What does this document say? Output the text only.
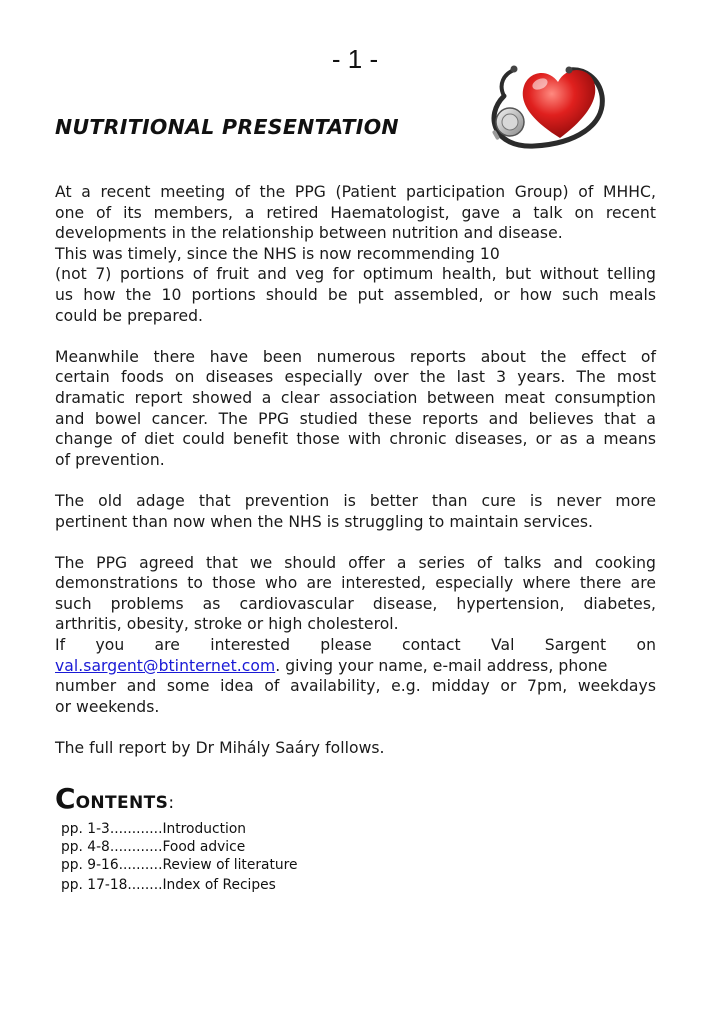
- 1 -
NUTRITIONAL PRESENTATION

At a recent meeting of the PPG (Patient participation Group) of MHHC,
one of its members, a retired Haematologist, gave a talk on recent
developments in the relationship between nutrition and disease.
This was timely, since the NHS is now recommending 10
(not 7) portions of fruit and veg for optimum health, but without telling
us how the 10 portions should be put assembled, or how such meals
could be prepared.

Meanwhile there have been numerous reports about the effect of
certain foods on diseases especially over the last 3 years. The most
dramatic report showed a clear association between meat consumption
and bowel cancer. The PPG studied these reports and believes that a
change of diet could benefit those with chronic diseases, or as a means
of prevention.

The old adage that prevention is better than cure is never more
pertinent than now when the NHS is struggling to maintain services.

The PPG agreed that we should offer a series of talks and cooking
demonstrations to those who are interested, especially where there are
such problems as cardiovascular disease, hypertension, diabetes,
arthritis, obesity, stroke or high cholesterol.
If you are interested please contact Val Sargent on
val.sargent@btinternet.com. giving your name, e-mail address, phone
number and some idea of availability, e.g. midday or 7pm, weekdays
or weekends.

The full report by Dr Mihály Saáry follows.

CONTENTS:
pp. 1-3............Introduction
pp. 4-8............Food advice
pp. 9-16..........Review of literature
pp. 17-18........Index of Recipes
